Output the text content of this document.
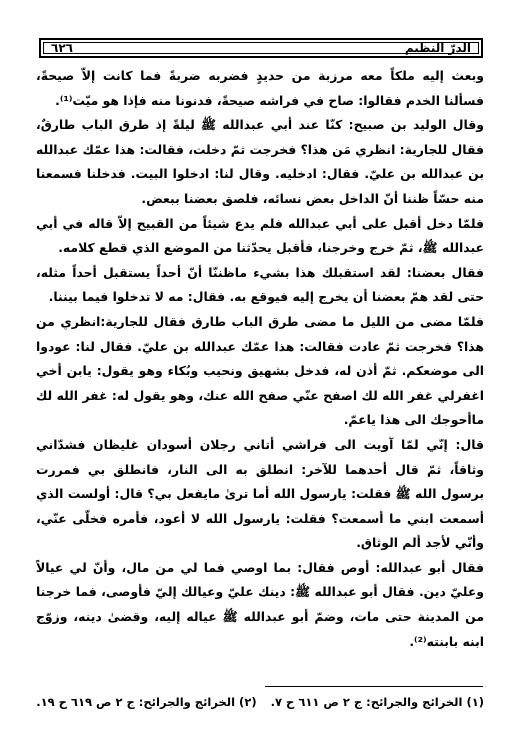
٦٢٦	الدرّ النظيم

وبعث إليه ملكاً معه مرزبة من حديدٍ فضربه ضربةً فما كانت إلاّ صيحةً، فسألنا الخدم فقالوا: صاح في فراشه صيحةً، فدنونا منه فإذا هو ميّت⁽¹⁾.

وقال الوليد بن صبيح: كنّا عند أبي عبدالله ﷺ ليلةً إذ طرق الباب طارقٌ، فقال للجارية: انظري مَن هذا؟ فخرجت ثمّ دخلت، فقالت: هذا عمّك عبدالله بن عبدالله بن عليّ. فقال: ادخليه. وقال لنا: ادخلوا البيت. فدخلنا فسمعنا منه حسّاً ظننا أنّ الداخل بعض نسائه، فلصق بعضنا ببعض.

فلمّا دخل أقبل على أبي عبدالله فلم يدع شيئاً من القبيح إلاّ قاله في أبي عبدالله ﷺ، ثمّ خرج وخرجنا، فأقبل يحدّثنا من الموضع الذي قطع كلامه.

فقال بعضنا: لقد استقبلك هذا بشيء ماظننّا أنّ أحداً يستقبل أحداً مثله، حتى لقد همّ بعضنا أن يخرج إليه فيوقع به. فقال: مه لا تدخلوا فيما بيننا.

فلمّا مضى من الليل ما مضى طرق الباب طارق فقال للجارية:انظري من هذا؟ فخرجت ثمّ عادت فقالت: هذا عمّك عبدالله بن عليّ. فقال لنا: عودوا الى موضعكم. ثمّ أذن له، فدخل بشهيق ونحيب وبُكاء وهو يقول: يابن أخي اغفرلي غفر الله لك اصفح عنّي صفح الله عنك، وهو يقول له: غفر الله لك ماأحوجك الى هذا ياعمّ.

قال: إنّي لمّا آويت الى فراشي أتاني رجلان أسودان غليظان فشدّاني وثاقاً، ثمّ قال أحدهما للآخر: انطلق به الى النار، فانطلق بي فمررت برسول الله ﷺ فقلت: يارسول الله أما ترىٰ مايفعل بي؟ قال: أولست الذي أسمعت ابني ما أسمعت؟ فقلت: يارسول الله لا أعود، فأمره فخلّى عنّي، وأنّي لأجد ألم الوثاق.

فقال أبو عبدالله: أوص فقال: بما اوصي فما لي من مال، وأنّ لي عيالاً وعليّ دين. فقال أبو عبدالله ﷺ: دينك عليّ وعيالك إليّ فأوصى، فما خرجنا من المدينة حتى مات، وضمّ أبو عبدالله ﷺ عياله إليه، وقضىٰ دينه، وزوّج ابنه بابنته⁽²⁾.

(١) الخرائج والجرائح: ج ٢ ص ٦١١ ح ٧.
(٢) الخرائج والجرائح: ج ٢ ص ٦١٩ ح ١٩.
